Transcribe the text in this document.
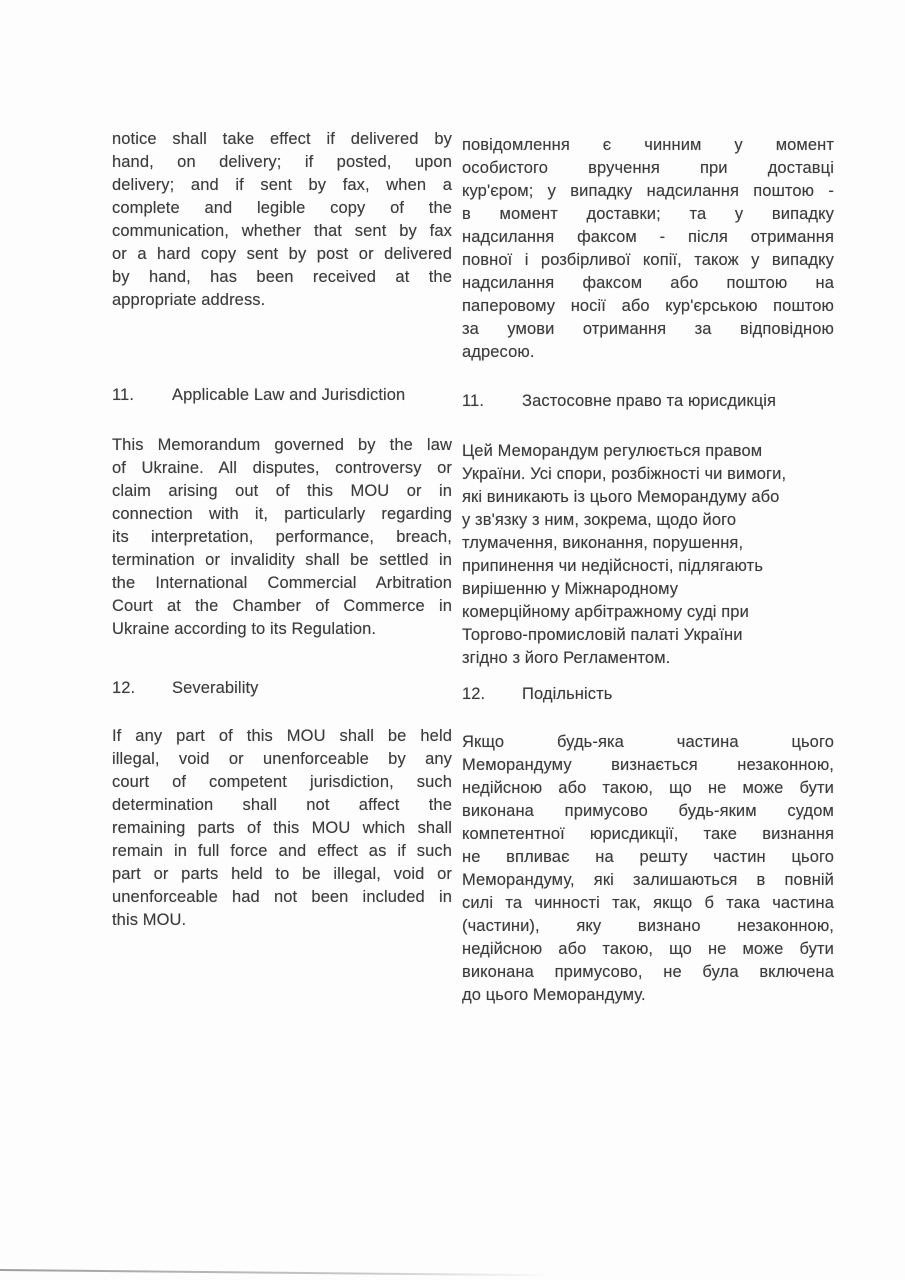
notice shall take effect if delivered by
hand, on delivery; if posted, upon
delivery; and if sent by fax, when a
complete and legible copy of the
communication, whether that sent by fax
or a hard copy sent by post or delivered
by hand, has been received at the
appropriate address.
повідомлення є чинним у момент
особистого вручення при доставці
кур'єром; у випадку надсилання поштою -
в момент доставки; та у випадку
надсилання факсом - після отримання
повної і розбірливої копії, також у випадку
надсилання факсом або поштою на
паперовому носії або кур'єрською поштою
за умови отримання за відповідною
адресою.
11. Applicable Law and Jurisdiction	11. Застосовне право та юрисдикція
This Memorandum governed by the law
of Ukraine. All disputes, controversy or
claim arising out of this MOU or in
connection with it, particularly regarding
its interpretation, performance, breach,
termination or invalidity shall be settled in
the International Commercial Arbitration
Court at the Chamber of Commerce in
Ukraine according to its Regulation.
Цей Меморандум регулюється правом
України. Усі спори, розбіжності чи вимоги,
які виникають із цього Меморандуму або
у зв'язку з ним, зокрема, щодо його
тлумачення, виконання, порушення,
припинення чи недійсності, підлягають
вирішенню у Міжнародному
комерційному арбітражному суді при
Торгово-промисловій палаті України
згідно з його Регламентом.
12. Severability	12. Подільність
If any part of this MOU shall be held
illegal, void or unenforceable by any
court of competent jurisdiction, such
determination shall not affect the
remaining parts of this MOU which shall
remain in full force and effect as if such
part or parts held to be illegal, void or
unenforceable had not been included in
this MOU.
Якщо будь-яка частина цього
Меморандуму визнається незаконною,
недійсною або такою, що не може бути
виконана примусово будь-яким судом
компетентної юрисдикції, таке визнання
не впливає на решту частин цього
Меморандуму, які залишаються в повній
силі та чинності так, якщо б така частина
(частини), яку визнано незаконною,
недійсною або такою, що не може бути
виконана примусово, не була включена
до цього Меморандуму.
